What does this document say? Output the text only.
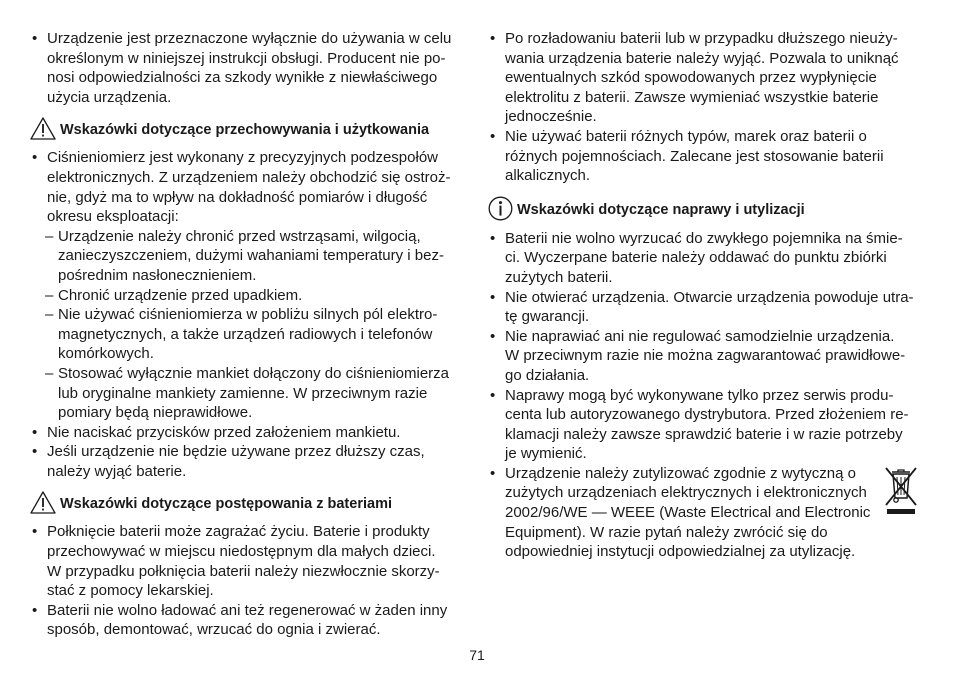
• Urządzenie jest przeznaczone wyłącznie do używania w celu
określonym w niniejszej instrukcji obsługi. Producent nie po-
nosi odpowiedzialności za szkody wynikłe z niewłaściwego
użycia urządzenia.
Wskazówki dotyczące przechowywania i użytkowania
• Ciśnieniomierz jest wykonany z precyzyjnych podzespołów
elektronicznych. Z urządzeniem należy obchodzić się ostroż-
nie, gdyż ma to wpływ na dokładność pomiarów i długość
okresu eksploatacji:
– Urządzenie należy chronić przed wstrząsami, wilgocią,
zanieczyszczeniem, dużymi wahaniami temperatury i bez-
pośrednim nasłonecznieniem.
– Chronić urządzenie przed upadkiem.
– Nie używać ciśnieniomierza w pobliżu silnych pól elektro-
magnetycznych, a także urządzeń radiowych i telefonów
komórkowych.
– Stosować wyłącznie mankiet dołączony do ciśnieniomierza
lub oryginalne mankiety zamienne. W przeciwnym razie
pomiary będą nieprawidłowe.
• Nie naciskać przycisków przed założeniem mankietu.
• Jeśli urządzenie nie będzie używane przez dłuższy czas,
należy wyjąć baterie.
Wskazówki dotyczące postępowania z bateriami
• Połknięcie baterii może zagrażać życiu. Baterie i produkty
przechowywać w miejscu niedostępnym dla małych dzieci.
W przypadku połknięcia baterii należy niezwłocznie skorzy-
stać z pomocy lekarskiej.
• Baterii nie wolno ładować ani też regenerować w żaden inny
sposób, demontować, wrzucać do ognia i zwierać.
• Po rozładowaniu baterii lub w przypadku dłuższego nieuży-
wania urządzenia baterie należy wyjąć. Pozwala to uniknąć
ewentualnych szkód spowodowanych przez wypłynięcie
elektrolitu z baterii. Zawsze wymieniać wszystkie baterie
jednocześnie.
• Nie używać baterii różnych typów, marek oraz baterii o
różnych pojemnościach. Zalecane jest stosowanie baterii
alkalicznych.
Wskazówki dotyczące naprawy i utylizacji
• Baterii nie wolno wyrzucać do zwykłego pojemnika na śmie-
ci. Wyczerpane baterie należy oddawać do punktu zbiórki
zużytych baterii.
• Nie otwierać urządzenia. Otwarcie urządzenia powoduje utra-
tę gwarancji.
• Nie naprawiać ani nie regulować samodzielnie urządzenia.
W przeciwnym razie nie można zagwarantować prawidłowe-
go działania.
• Naprawy mogą być wykonywane tylko przez serwis produ-
centa lub autoryzowanego dystrybutora. Przed złożeniem re-
klamacji należy zawsze sprawdzić baterie i w razie potrzeby
je wymienić.
• Urządzenie należy zutylizować zgodnie z wytyczną o
zużytych urządzeniach elektrycznych i elektronicznych
2002/96/WE — WEEE (Waste Electrical and Electronic
Equipment). W razie pytań należy zwrócić się do
odpowiedniej instytucji odpowiedzialnej za utylizację.
71
